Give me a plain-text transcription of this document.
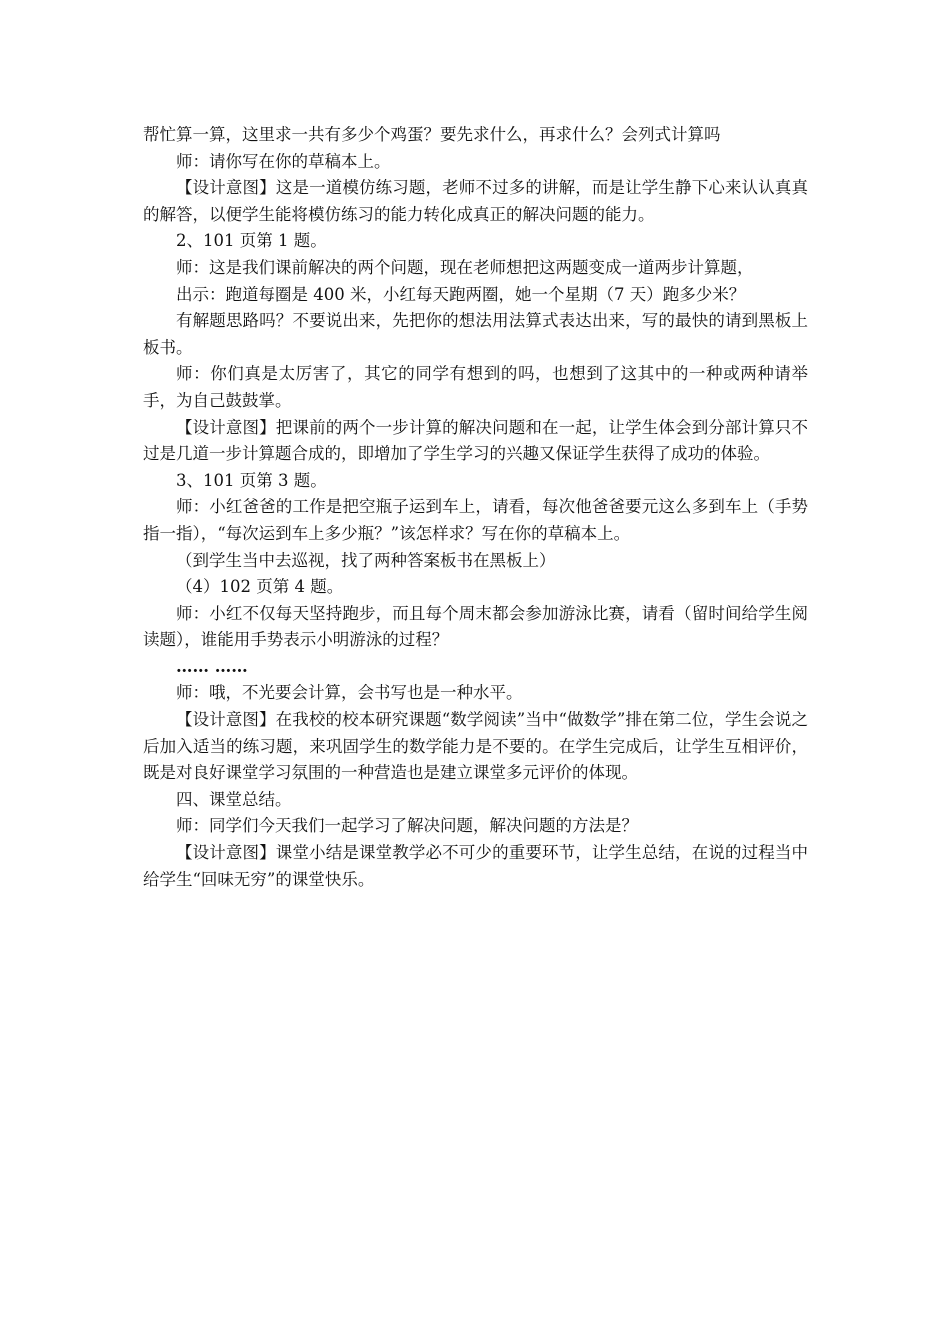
帮忙算一算，这里求一共有多少个鸡蛋？要先求什么，再求什么？会列式计算吗

师：请你写在你的草稿本上。

【设计意图】这是一道模仿练习题，老师不过多的讲解，而是让学生静下心来认认真真的解答，以便学生能将模仿练习的能力转化成真正的解决问题的能力。

2、101 页第 1 题。

师：这是我们课前解决的两个问题，现在老师想把这两题变成一道两步计算题，

出示：跑道每圈是 400 米，小红每天跑两圈，她一个星期（7 天）跑多少米？

有解题思路吗？不要说出来，先把你的想法用法算式表达出来，写的最快的请到黑板上板书。

师：你们真是太厉害了，其它的同学有想到的吗，也想到了这其中的一种或两种请举手，为自己鼓鼓掌。

【设计意图】把课前的两个一步计算的解决问题和在一起，让学生体会到分部计算只不过是几道一步计算题合成的，即增加了学生学习的兴趣又保证学生获得了成功的体验。

3、101 页第 3 题。

师：小红爸爸的工作是把空瓶子运到车上，请看，每次他爸爸要元这么多到车上（手势指一指），“每次运到车上多少瓶？”该怎样求？写在你的草稿本上。

（到学生当中去巡视，找了两种答案板书在黑板上）

（4）102 页第 4 题。

师：小红不仅每天坚持跑步，而且每个周末都会参加游泳比赛，请看（留时间给学生阅读题），谁能用手势表示小明游泳的过程？

…… ……

师：哦，不光要会计算，会书写也是一种水平。

【设计意图】在我校的校本研究课题“数学阅读”当中“做数学”排在第二位，学生会说之后加入适当的练习题，来巩固学生的数学能力是不要的。在学生完成后，让学生互相评价，既是对良好课堂学习氛围的一种营造也是建立课堂多元评价的体现。

四、课堂总结。

师：同学们今天我们一起学习了解决问题，解决问题的方法是？

【设计意图】课堂小结是课堂教学必不可少的重要环节，让学生总结，在说的过程当中给学生“回味无穷”的课堂快乐。
